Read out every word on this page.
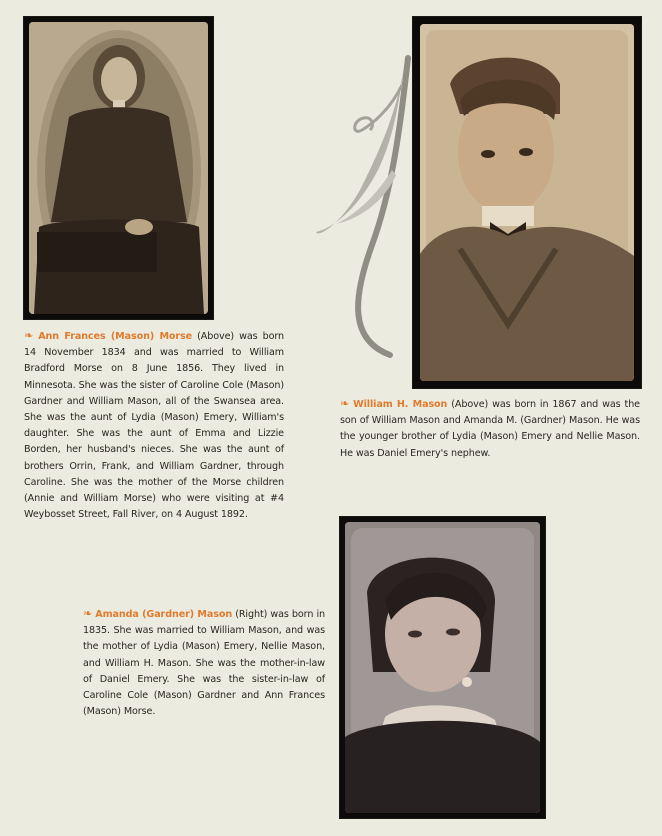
❧ Ann Frances (Mason) Morse (Above) was born 14 November 1834 and was married to William Bradford Morse on 8 June 1856. They lived in Minnesota. She was the sister of Caroline Cole (Mason) Gardner and William Mason, all of the Swansea area. She was the aunt of Lydia (Mason) Emery, William's daughter. She was the aunt of Emma and Lizzie Borden, her husband's nieces. She was the aunt of brothers Orrin, Frank, and William Gardner, through Caroline. She was the mother of the Morse children (Annie and William Morse) who were visiting at #4 Weybosset Street, Fall River, on 4 August 1892.
❧ William H. Mason (Above) was born in 1867 and was the son of William Mason and Amanda M. (Gardner) Mason. He was the younger brother of Lydia (Mason) Emery and Nellie Mason. He was Daniel Emery's nephew.
❧ Amanda (Gardner) Mason (Right) was born in 1835. She was married to William Mason, and was the mother of Lydia (Mason) Emery, Nellie Mason, and William H. Mason. She was the mother-in-law of Daniel Emery. She was the sister-in-law of Caroline Cole (Mason) Gardner and Ann Frances (Mason) Morse.
